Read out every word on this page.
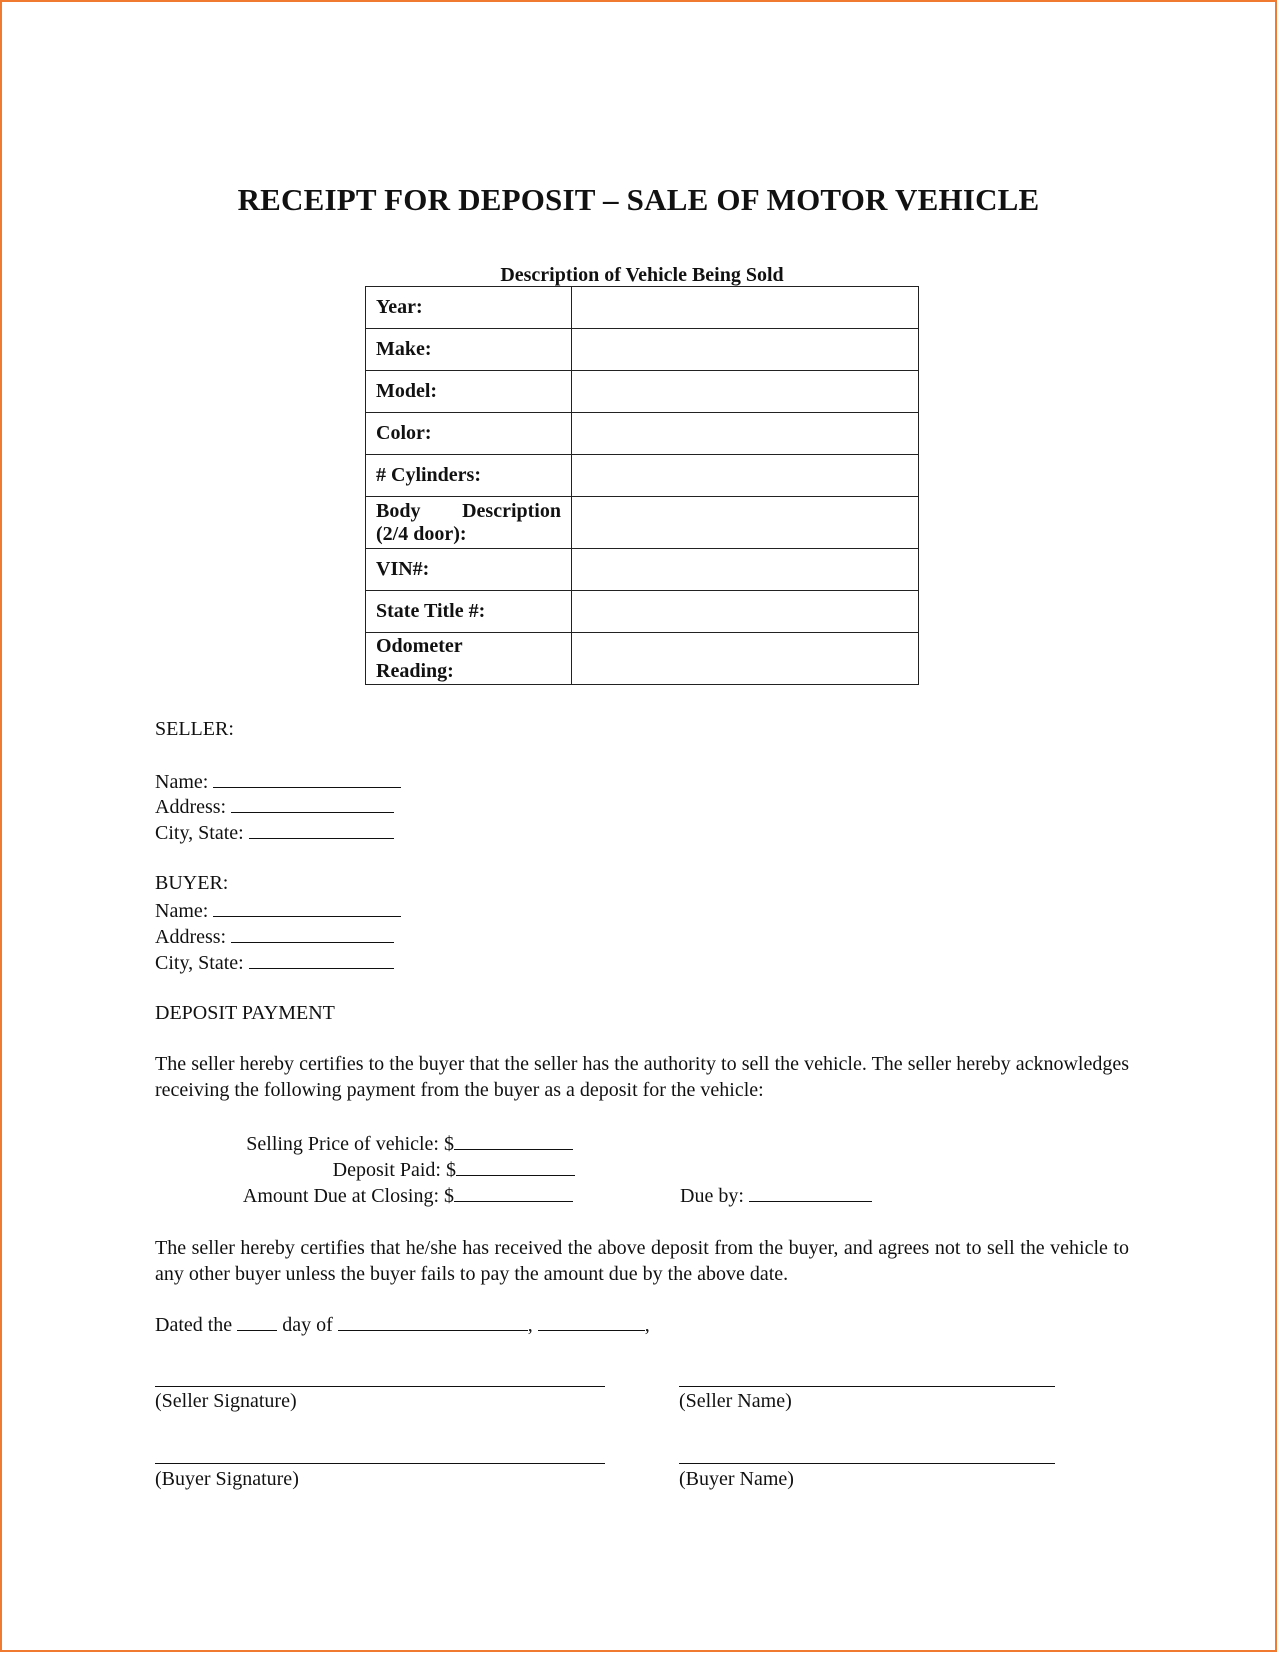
RECEIPT FOR DEPOSIT – SALE OF MOTOR VEHICLE
Description of Vehicle Being Sold
Year:	
Make:	
Model:	
Color:	
# Cylinders:	

Body Description
(2/4 door):	

VIN#:	
State Title #:	

Odometer
Reading:	

SELLER:
Name:
Address:
City, State:
BUYER:
Name:
Address:
City, State:
DEPOSIT PAYMENT
The seller hereby certifies to the buyer that the seller has the authority to sell the vehicle. The seller hereby acknowledges receiving the following payment from the buyer as a deposit for the vehicle:
Selling Price of vehicle: $
Deposit Paid: $
Amount Due at Closing: $	Due by:
The seller hereby certifies that he/she has received the above deposit from the buyer, and agrees not to sell the vehicle to any other buyer unless the buyer fails to pay the amount due by the above date.
Dated the	day of	,	,
(Seller Signature)	(Seller Name)
(Buyer Signature)	(Buyer Name)
